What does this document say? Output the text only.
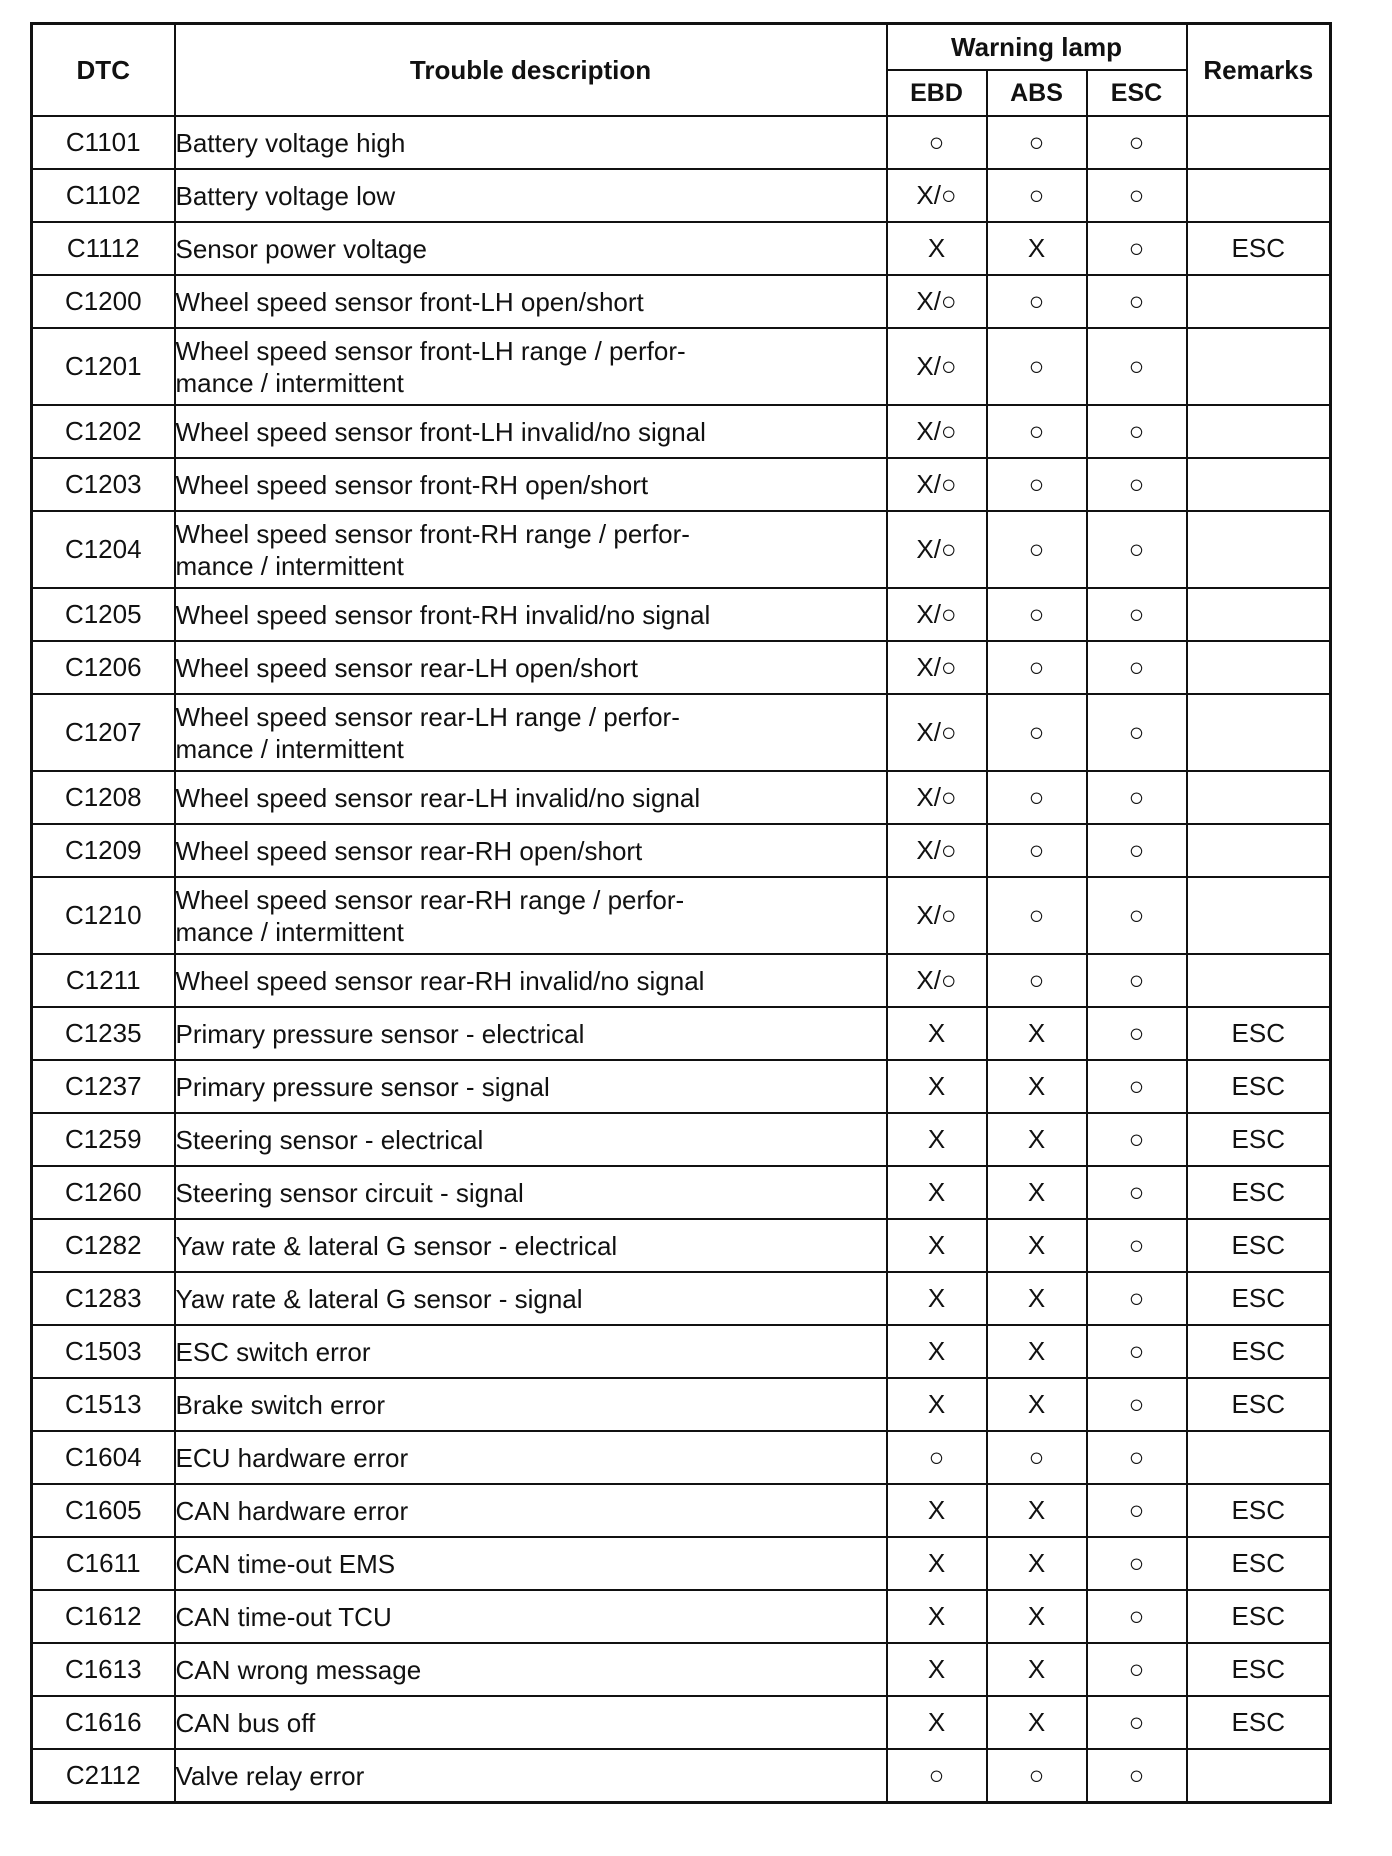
DTC	Trouble description	Warning lamp			Remarks
		EBD	ABS	ESC	
C1101	Battery voltage high	○	○	○	
C1102	Battery voltage low	X/○	○	○	
C1112	Sensor power voltage	X	X	○	ESC
C1200	Wheel speed sensor front-LH open/short	X/○	○	○	
C1201	Wheel speed sensor front-LH range / perfor-
mance / intermittent	X/○	○	○	
C1202	Wheel speed sensor front-LH invalid/no signal	X/○	○	○	
C1203	Wheel speed sensor front-RH open/short	X/○	○	○	
C1204	Wheel speed sensor front-RH range / perfor-
mance / intermittent	X/○	○	○	
C1205	Wheel speed sensor front-RH invalid/no signal	X/○	○	○	
C1206	Wheel speed sensor rear-LH open/short	X/○	○	○	
C1207	Wheel speed sensor rear-LH range / perfor-
mance / intermittent	X/○	○	○	
C1208	Wheel speed sensor rear-LH invalid/no signal	X/○	○	○	
C1209	Wheel speed sensor rear-RH open/short	X/○	○	○	
C1210	Wheel speed sensor rear-RH range / perfor-
mance / intermittent	X/○	○	○	
C1211	Wheel speed sensor rear-RH invalid/no signal	X/○	○	○	
C1235	Primary pressure sensor - electrical	X	X	○	ESC
C1237	Primary pressure sensor - signal	X	X	○	ESC
C1259	Steering sensor - electrical	X	X	○	ESC
C1260	Steering sensor circuit - signal	X	X	○	ESC
C1282	Yaw rate & lateral G sensor - electrical	X	X	○	ESC
C1283	Yaw rate & lateral G sensor - signal	X	X	○	ESC
C1503	ESC switch error	X	X	○	ESC
C1513	Brake switch error	X	X	○	ESC
C1604	ECU hardware error	○	○	○	
C1605	CAN hardware error	X	X	○	ESC
C1611	CAN time-out EMS	X	X	○	ESC
C1612	CAN time-out TCU	X	X	○	ESC
C1613	CAN wrong message	X	X	○	ESC
C1616	CAN bus off	X	X	○	ESC
C2112	Valve relay error	○	○	○	
